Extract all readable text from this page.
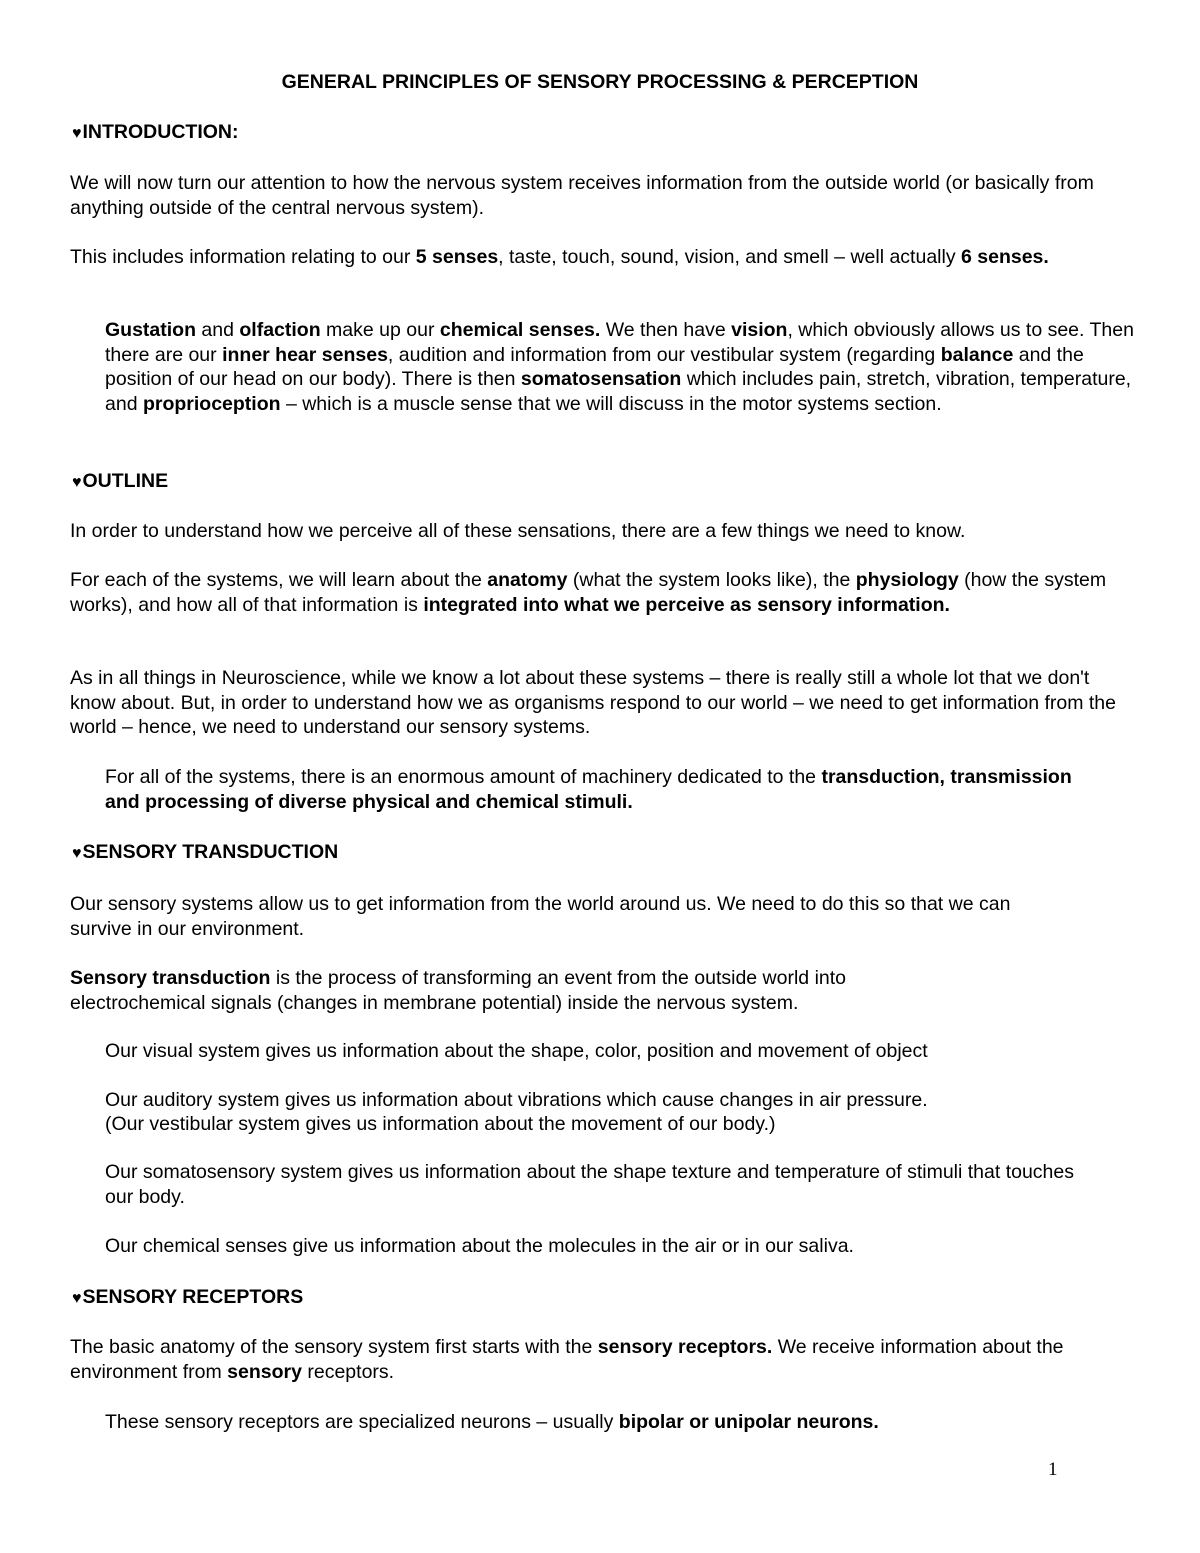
GENERAL PRINCIPLES OF SENSORY PROCESSING & PERCEPTION
♥INTRODUCTION:

We will now turn our attention to how the nervous system receives information from the outside world (or basically from anything outside of the central nervous system).

This includes information relating to our 5 senses, taste, touch, sound, vision, and smell – well actually 6 senses.

Gustation and olfaction make up our chemical senses. We then have vision, which obviously allows us to see. Then there are our inner hear senses, audition and information from our vestibular system (regarding balance and the position of our head on our body). There is then somatosensation which includes pain, stretch, vibration, temperature, and proprioception – which is a muscle sense that we will discuss in the motor systems section.

♥OUTLINE

In order to understand how we perceive all of these sensations, there are a few things we need to know.

For each of the systems, we will learn about the anatomy (what the system looks like), the physiology (how the system works), and how all of that information is integrated into what we perceive as sensory information.

As in all things in Neuroscience, while we know a lot about these systems – there is really still a whole lot that we don't know about. But, in order to understand how we as organisms respond to our world – we need to get information from the world – hence, we need to understand our sensory systems.

For all of the systems, there is an enormous amount of machinery dedicated to the transduction, transmission and processing of diverse physical and chemical stimuli.

♥SENSORY TRANSDUCTION

Our sensory systems allow us to get information from the world around us. We need to do this so that we can survive in our environment.

Sensory transduction is the process of transforming an event from the outside world into electrochemical signals (changes in membrane potential) inside the nervous system.

Our visual system gives us information about the shape, color, position and movement of object

Our auditory system gives us information about vibrations which cause changes in air pressure.

(Our vestibular system gives us information about the movement of our body.)

Our somatosensory system gives us information about the shape texture and temperature of stimuli that touches our body.

Our chemical senses give us information about the molecules in the air or in our saliva.

♥SENSORY RECEPTORS

The basic anatomy of the sensory system first starts with the sensory receptors. We receive information about the environment from sensory receptors.

These sensory receptors are specialized neurons – usually bipolar or unipolar neurons.

1
